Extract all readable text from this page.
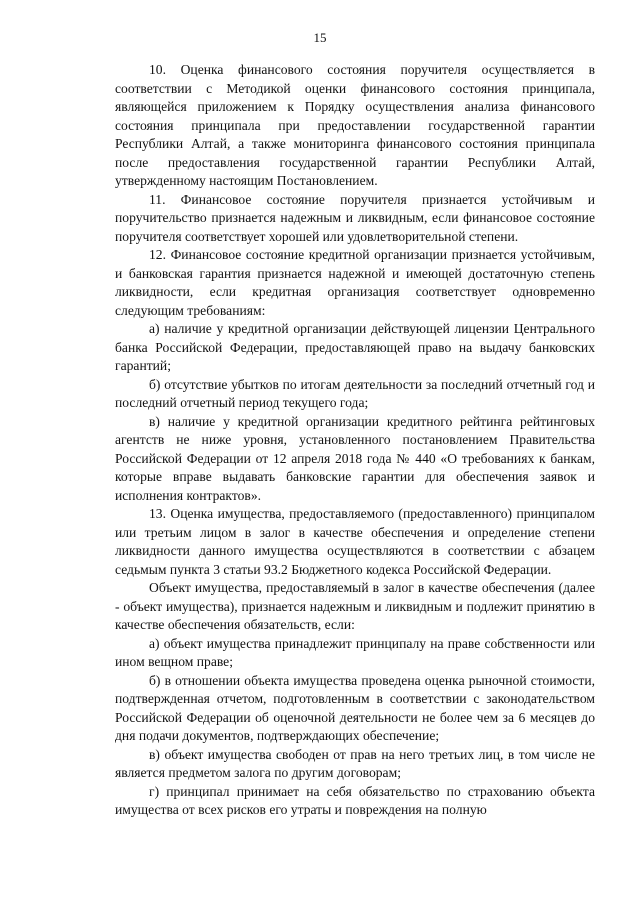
15

10. Оценка финансового состояния поручителя осуществляется в соответствии с Методикой оценки финансового состояния принципала, являющейся приложением к Порядку осуществления анализа финансового состояния принципала при предоставлении государственной гарантии Республики Алтай, а также мониторинга финансового состояния принципала после предоставления государственной гарантии Республики Алтай, утвержденному настоящим Постановлением.

11. Финансовое состояние поручителя признается устойчивым и поручительство признается надежным и ликвидным, если финансовое состояние поручителя соответствует хорошей или удовлетворительной степени.

12. Финансовое состояние кредитной организации признается устойчивым, и банковская гарантия признается надежной и имеющей достаточную степень ликвидности, если кредитная организация соответствует одновременно следующим требованиям:

а) наличие у кредитной организации действующей лицензии Центрального банка Российской Федерации, предоставляющей право на выдачу банковских гарантий;

б) отсутствие убытков по итогам деятельности за последний отчетный год и последний отчетный период текущего года;

в) наличие у кредитной организации кредитного рейтинга рейтинговых агентств не ниже уровня, установленного постановлением Правительства Российской Федерации от 12 апреля 2018 года № 440 «О требованиях к банкам, которые вправе выдавать банковские гарантии для обеспечения заявок и исполнения контрактов».

13. Оценка имущества, предоставляемого (предоставленного) принципалом или третьим лицом в залог в качестве обеспечения и определение степени ликвидности данного имущества осуществляются в соответствии с абзацем седьмым пункта 3 статьи 93.2 Бюджетного кодекса Российской Федерации.

Объект имущества, предоставляемый в залог в качестве обеспечения (далее - объект имущества), признается надежным и ликвидным и подлежит принятию в качестве обеспечения обязательств, если:

а) объект имущества принадлежит принципалу на праве собственности или ином вещном праве;

б) в отношении объекта имущества проведена оценка рыночной стоимости, подтвержденная отчетом, подготовленным в соответствии с законодательством Российской Федерации об оценочной деятельности не более чем за 6 месяцев до дня подачи документов, подтверждающих обеспечение;

в) объект имущества свободен от прав на него третьих лиц, в том числе не является предметом залога по другим договорам;

г) принципал принимает на себя обязательство по страхованию объекта имущества от всех рисков его утраты и повреждения на полную
